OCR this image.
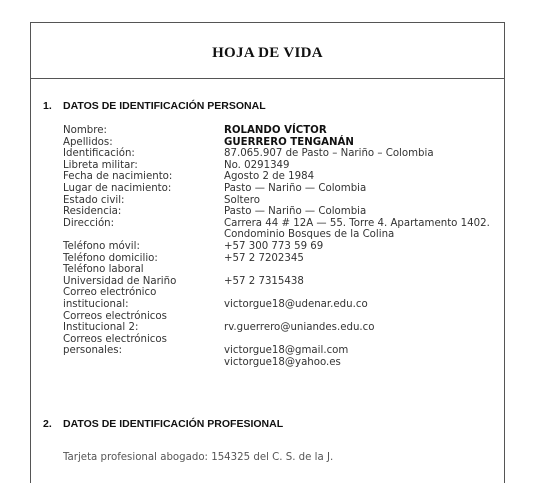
HOJA DE VIDA
1. DATOS DE IDENTIFICACIÓN PERSONAL
Nombre:	ROLANDO VÍCTOR
Apellidos:	GUERRERO TENGANÁN
Identificación:	87.065.907 de Pasto – Nariño – Colombia
Libreta militar:	No. 0291349
Fecha de nacimiento:	Agosto 2 de 1984
Lugar de nacimiento:	Pasto — Nariño — Colombia
Estado civil:	Soltero
Residencia:	Pasto — Nariño — Colombia
Dirección:	Carrera 44 # 12A — 55. Torre 4. Apartamento 1402.
Condominio Bosques de la Colina
Teléfono móvil:	+57 300 773 59 69
Teléfono domicilio:	+57 2 7202345
Teléfono laboral
Universidad de Nariño	+57 2 7315438
Correo electrónico
institucional:	victorgue18@udenar.edu.co
Correos electrónicos
Institucional 2:	rv.guerrero@uniandes.edu.co
Correos electrónicos
personales:	victorgue18@gmail.com
victorgue18@yahoo.es
2. DATOS DE IDENTIFICACIÓN PROFESIONAL
Tarjeta profesional abogado: 154325 del C. S. de la J.
